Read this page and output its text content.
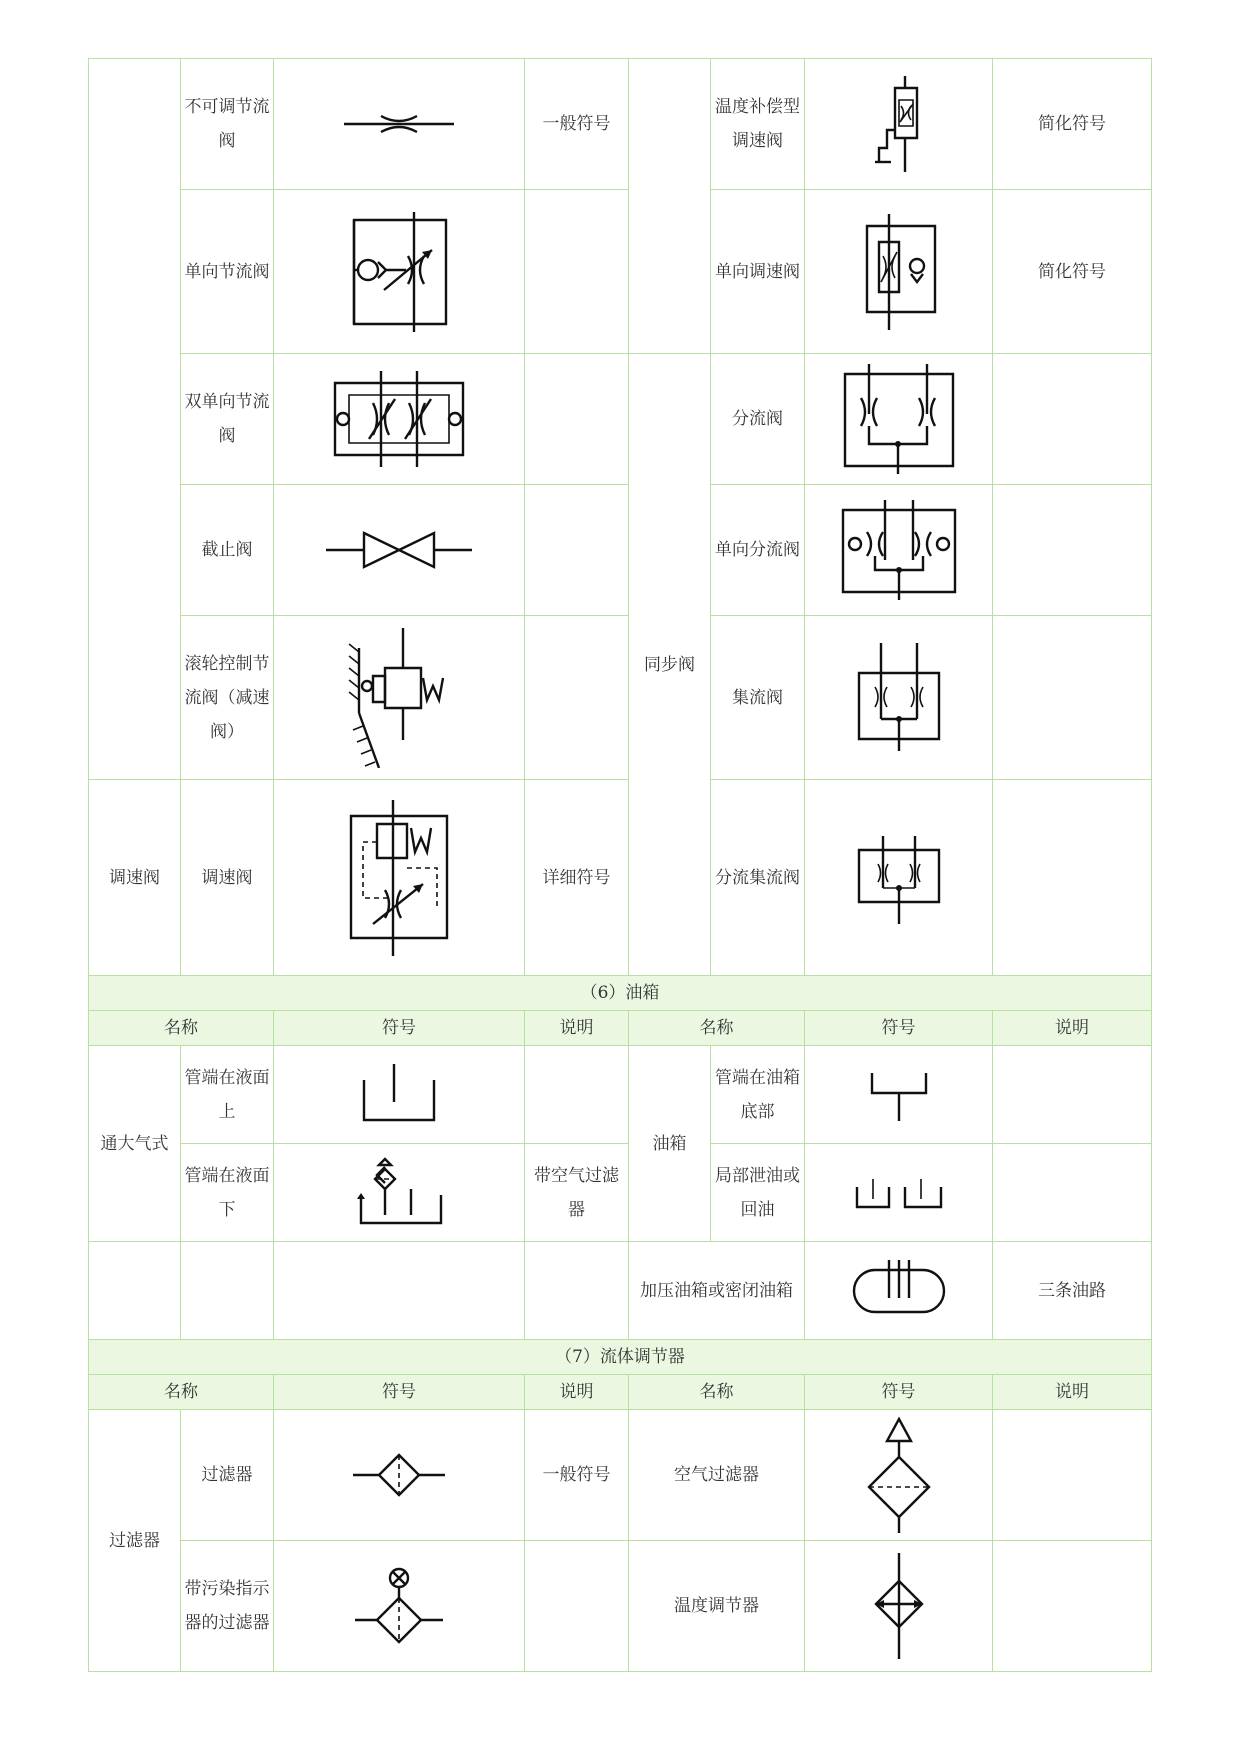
	不可调节流阀		一般符号		温度补偿型调速阀		简化符号
	单向节流阀				单向调速阀		简化符号
	双单向节流阀			同步阀	分流阀	

	截止阀				单向分流阀	

	滚轮控制节流阀（减速阀）				集流阀	

调速阀	调速阀		详细符号		分流集流阀	

（6）油箱							
名称		符号	说明	名称		符号	说明
通大气式	管端在液面上			油箱	管端在油箱底部	

	管端在液面下		带空气过滤器		局部泄油或回油	

				加压油箱或密闭油箱			三条油路
（7）流体调节器							
名称		符号	说明	名称		符号	说明
过滤器	过滤器		一般符号	空气过滤器	

	带污染指示器的过滤器			温度调节器	
